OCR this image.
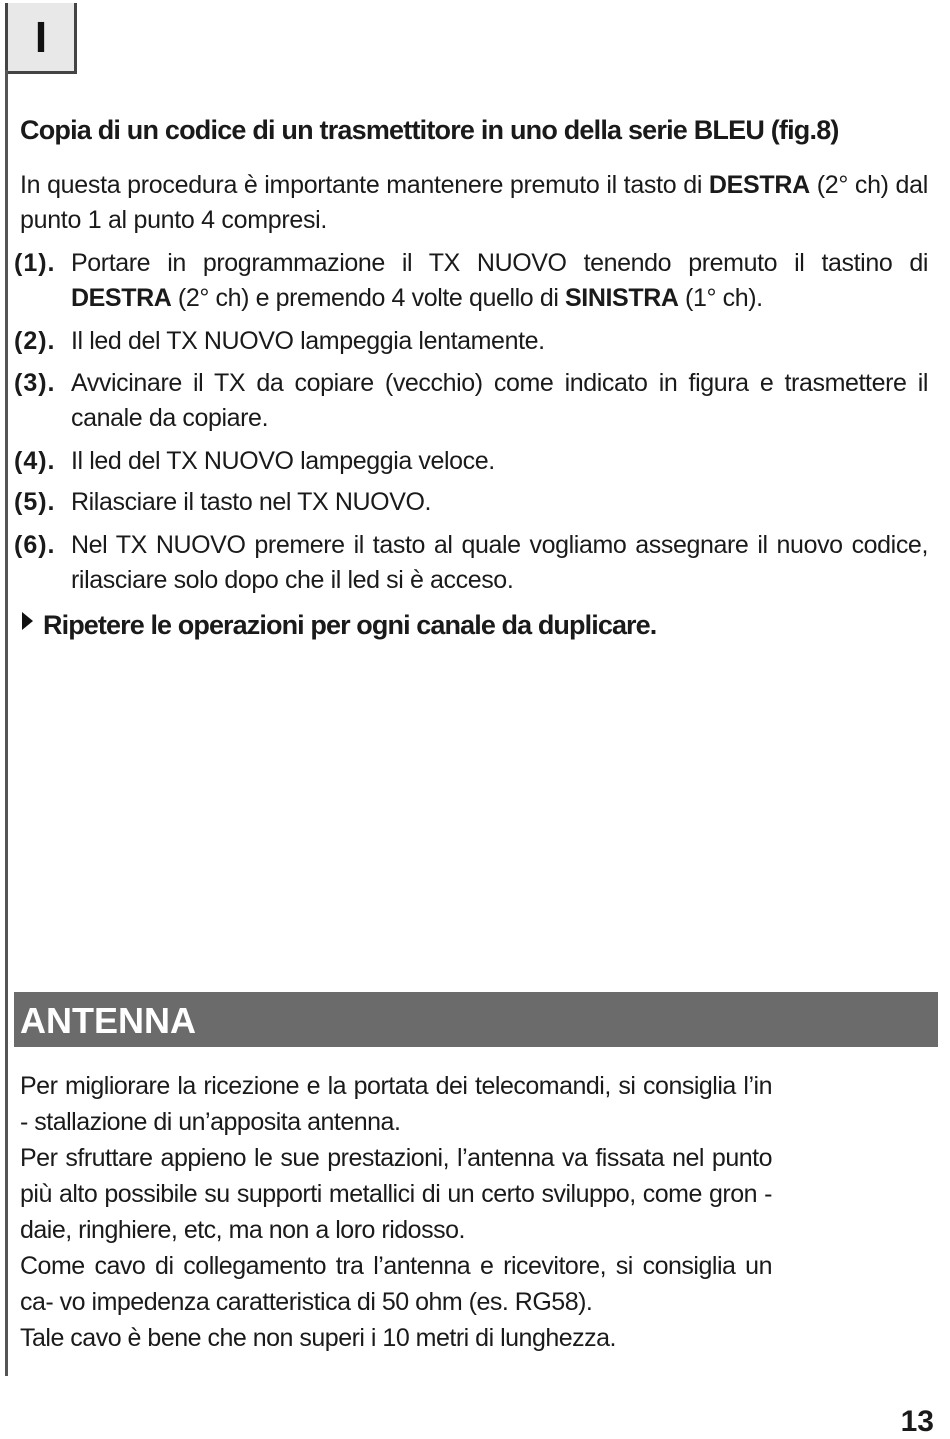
I
Copia di un codice di un trasmettitore in uno della serie BLEU (fig.8)
In questa procedura è importante mantenere premuto il tasto di DESTRA (2° ch) dal punto 1 al punto 4 compresi.
(1). Portare in programmazione il TX NUOVO tenendo premuto il tastino di DESTRA (2° ch) e premendo 4 volte quello di SINISTRA (1° ch).
(2). Il led del TX NUOVO lampeggia lentamente.
(3). Avvicinare il TX da copiare (vecchio) come indicato in figura e trasmettere il canale da copiare.
(4). Il led del TX NUOVO lampeggia veloce.
(5). Rilasciare il tasto nel TX NUOVO.
(6). Nel TX NUOVO premere il tasto al quale vogliamo assegnare il nuovo codice, rilasciare solo dopo che il led si è acceso.
Ripetere le operazioni per ogni canale da duplicare.
ANTENNA
Per migliorare la ricezione e la portata dei telecomandi, si consiglia l’in - stallazione di un’apposita antenna.
Per sfruttare appieno le sue prestazioni, l’antenna va fissata nel punto più alto possibile su supporti metallici di un certo sviluppo, come gron - daie, ringhiere, etc, ma non a loro ridosso.
Come cavo di collegamento tra l’antenna e ricevitore, si consiglia un ca- vo impedenza caratteristica di 50 ohm (es. RG58).
Tale cavo è bene che non superi i 10 metri di lunghezza.
13
